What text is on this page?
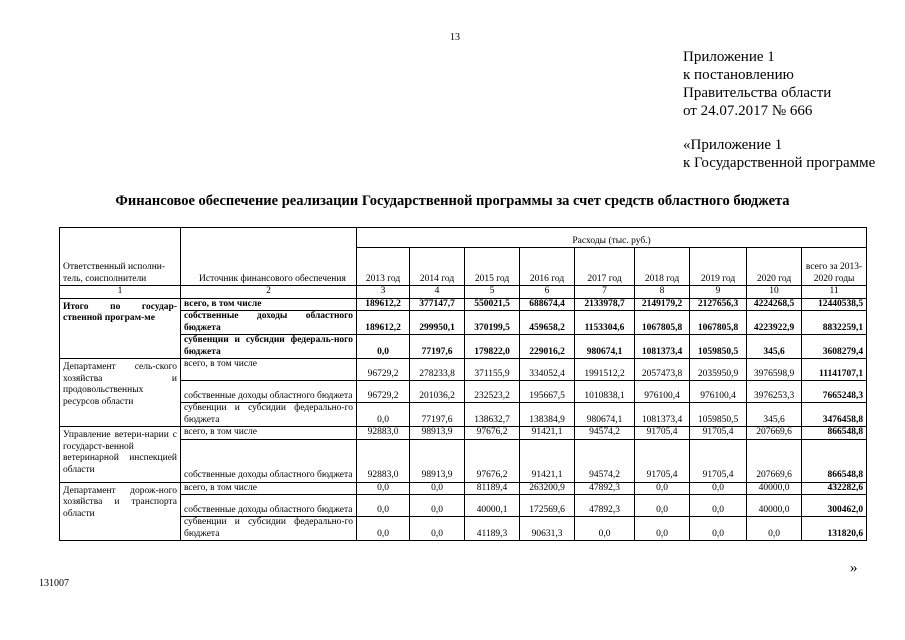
13
Приложение 1
к постановлению
Правительства области
от 24.07.2017 № 666
«Приложение 1
к Государственной программе
Финансовое обеспечение реализации Государственной программы за счет средств областного бюджета
Ответственный исполни-тель, соисполнители	Источник финансового обеспечения	Расходы (тыс. руб.)								
		2013 год	2014 год	2015 год	2016 год	2017 год	2018 год	2019 год	2020 год	всего за 2013-2020 годы
1	2	3	4	5	6	7	8	9	10	11
Итого по государ-ственной програм-ме	всего, в том числе	189612,2	377147,7	550021,5	688674,4	2133978,7	2149179,2	2127656,3	4224268,5	12440538,5
	собственные доходы областного бюджета	189612,2	299950,1	370199,5	459658,2	1153304,6	1067805,8	1067805,8	4223922,9	8832259,1
	субвенции и субсидии федераль-ного бюджета	0,0	77197,6	179822,0	229016,2	980674,1	1081373,4	1059850,5	345,6	3608279,4
Департамент сель-ского хозяйства и продовольственных ресурсов области	всего, в том числе	96729,2	278233,8	371155,9	334052,4	1991512,2	2057473,8	2035950,9	3976598,9	11141707,1
	собственные доходы областного бюджета	96729,2	201036,2	232523,2	195667,5	1010838,1	976100,4	976100,4	3976253,3	7665248,3
	субвенции и субсидии федерально-го бюджета	0,0	77197,6	138632,7	138384,9	980674,1	1081373,4	1059850,5	345,6	3476458,8
Управление ветери-нарии с государст-венной ветеринарной инспекцией области	всего, в том числе	92883,0	98913,9	97676,2	91421,1	94574,2	91705,4	91705,4	207669,6	866548,8
	собственные доходы областного бюджета	92883,0	98913,9	97676,2	91421,1	94574,2	91705,4	91705,4	207669,6	866548,8
Департамент дорож-ного хозяйства и транспорта области	всего, в том числе	0,0	0,0	81189,4	263200,9	47892,3	0,0	0,0	40000,0	432282,6
	собственные доходы областного бюджета	0,0	0,0	40000,1	172569,6	47892,3	0,0	0,0	40000,0	300462,0
	субвенции и субсидии федерально-го бюджета	0,0	0,0	41189,3	90631,3	0,0	0,0	0,0	0,0	131820,6
»
131007
